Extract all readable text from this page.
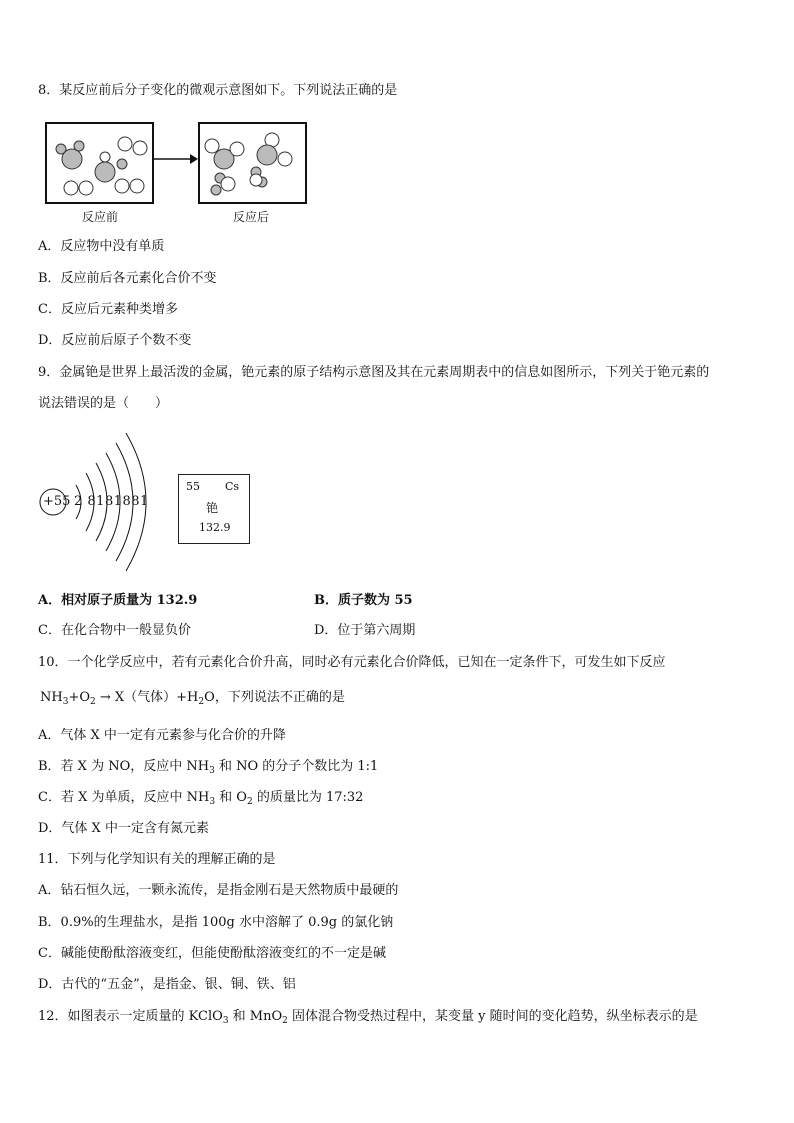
8．某反应前后分子变化的微观示意图如下。下列说法正确的是
反应前	反应后
A．反应物中没有单质
B．反应前后各元素化合价不变
C．反应后元素种类增多
D．反应前后原子个数不变
9．金属铯是世界上最活泼的金属，铯元素的原子结构示意图及其在元素周期表中的信息如图所示，下列关于铯元素的
说法错误的是（　　）
+55 2 8181881
55 Cs
铯
132.9
A．相对原子质量为 132.9	B．质子数为 55
C．在化合物中一般显负价	D．位于第六周期
10．一个化学反应中，若有元素化合价升高，同时必有元素化合价降低，已知在一定条件下，可发生如下反应
$NH_3+O_2 \to X$（气体）$+H_2O$，下列说法不正确的是
A．气体 X 中一定有元素参与化合价的升降
B．若 X 为 NO，反应中 $NH_3$ 和 NO 的分子个数比为 1:1
C．若 X 为单质，反应中 $NH_3$ 和 $O_2$ 的质量比为 17:32
D．气体 X 中一定含有氮元素
11．下列与化学知识有关的理解正确的是
A．钻石恒久远，一颗永流传，是指金刚石是天然物质中最硬的
B．0.9%的生理盐水，是指 100g 水中溶解了 0.9g 的氯化钠
C．碱能使酚酞溶液变红，但能使酚酞溶液变红的不一定是碱
D．古代的“五金”，是指金、银、铜、铁、铝
12．如图表示一定质量的 KClO$_3$ 和 MnO$_2$ 固体混合物受热过程中，某变量 y 随时间的变化趋势，纵坐标表示的是
